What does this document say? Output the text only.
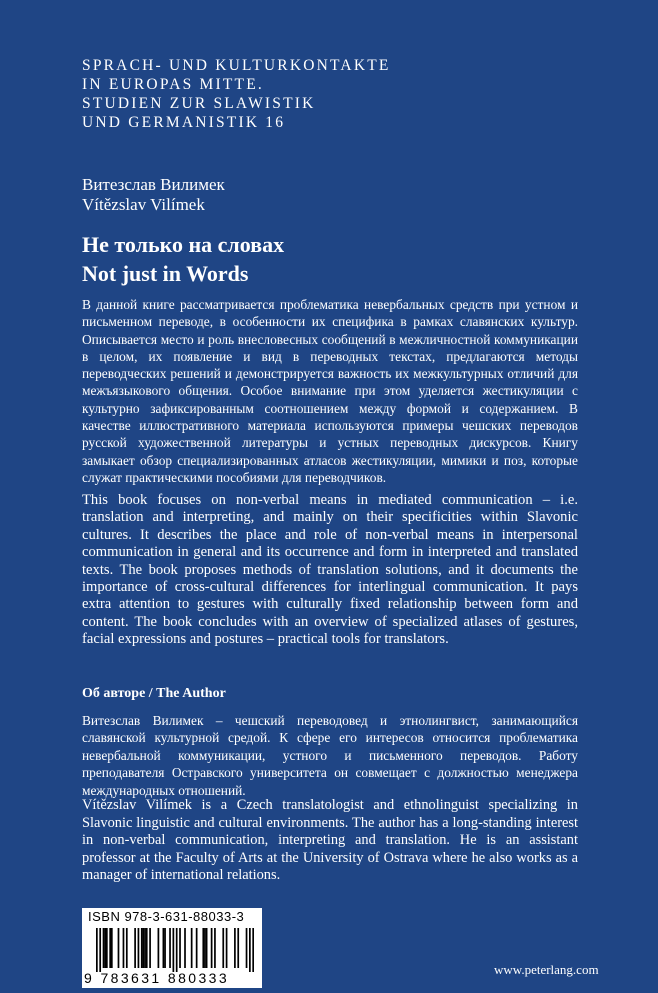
SPRACH- UND KULTURKONTAKTE
IN EUROPAS MITTE.
STUDIEN ZUR SLAWISTIK
UND GERMANISTIK 16
Витезслав Вилимек
Vítězslav Vilímek
Не только на словах
Not just in Words

В данной книге рассматривается проблематика невербальных средств при устном и письменном переводе, в особенности их специфика в рамках славянских культур. Описывается место и роль внесловесных сообщений в межличностной коммуникации в целом, их появление и вид в переводных текстах, предлагаются методы переводческих решений и демонстрируется важность их межкультурных отличий для межъязыкового общения. Особое внимание при этом уделяется жестикуляции с культурно зафиксированным соотношением между формой и содержанием. В качестве иллюстративного материала используются примеры чешских переводов русской художественной литературы и устных переводных дискурсов. Книгу замыкает обзор специализированных атласов жестикуляции, мимики и поз, которые служат практическими пособиями для переводчиков.

This book focuses on non-verbal means in mediated communication – i.e. translation and interpreting, and mainly on their specificities within Slavonic cultures. It describes the place and role of non-verbal means in interpersonal communication in general and its occurrence and form in interpreted and translated texts. The book proposes methods of translation solutions, and it documents the importance of cross-cultural differences for interlingual communication. It pays extra attention to gestures with culturally fixed relationship between form and content. The book concludes with an overview of specialized atlases of gestures, facial expressions and postures – practical tools for translators.

Об авторе / The Author

Витезслав Вилимек – чешский переводовед и этнолингвист, занимающийся славянской культурной средой. К сфере его интересов относится проблематика невербальной коммуникации, устного и письменного переводов. Работу преподавателя Остравского университета он совмещает с должностью менеджера международных отношений.

Vítězslav Vilímek is a Czech translatologist and ethnolinguist specializing in Slavonic linguistic and cultural environments. The author has a long-standing interest in non-verbal communication, interpreting and translation. He is an assistant professor at the Faculty of Arts at the University of Ostrava where he also works as a manager of international relations.

ISBN 978-3-631-88033-3
9 783631 880333
www.peterlang.com
